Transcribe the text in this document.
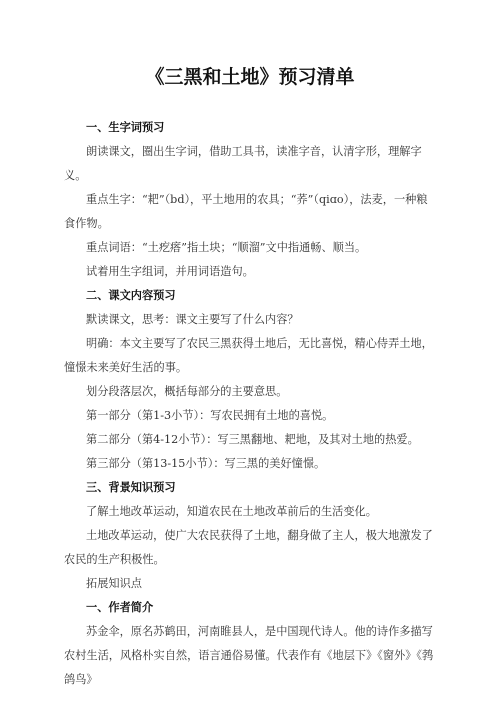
《三黑和土地》预习清单

一、生字词预习

朗读课文，圈出生字词，借助工具书，读准字音，认清字形，理解字义。

重点生字：“耙”（bd），平土地用的农具；“荞”（qiɑo），法麦，一种粮食作物。

重点词语：“土疙瘩”指土块；“顺溜”文中指通畅、顺当。

试着用生字组词，并用词语造句。

二、课文内容预习

默读课文，思考：课文主要写了什么内容？

明确：本文主要写了农民三黑获得土地后，无比喜悦，精心侍弄土地，憧憬未来美好生活的事。

划分段落层次，概括每部分的主要意思。

第一部分（第1-3小节）：写农民拥有土地的喜悦。

第二部分（第4-12小节）：写三黑翻地、耙地，及其对土地的热爱。

第三部分（第13-15小节）：写三黑的美好憧憬。

三、背景知识预习

了解土地改革运动，知道农民在土地改革前后的生活变化。

土地改革运动，使广大农民获得了土地，翻身做了主人，极大地激发了农民的生产积极性。

拓展知识点

一、作者简介

苏金伞，原名苏鹤田，河南睢县人，是中国现代诗人。他的诗作多描写农村生活，风格朴实自然，语言通俗易懂。代表作有《地层下》《窗外》《鹁鸽鸟》
